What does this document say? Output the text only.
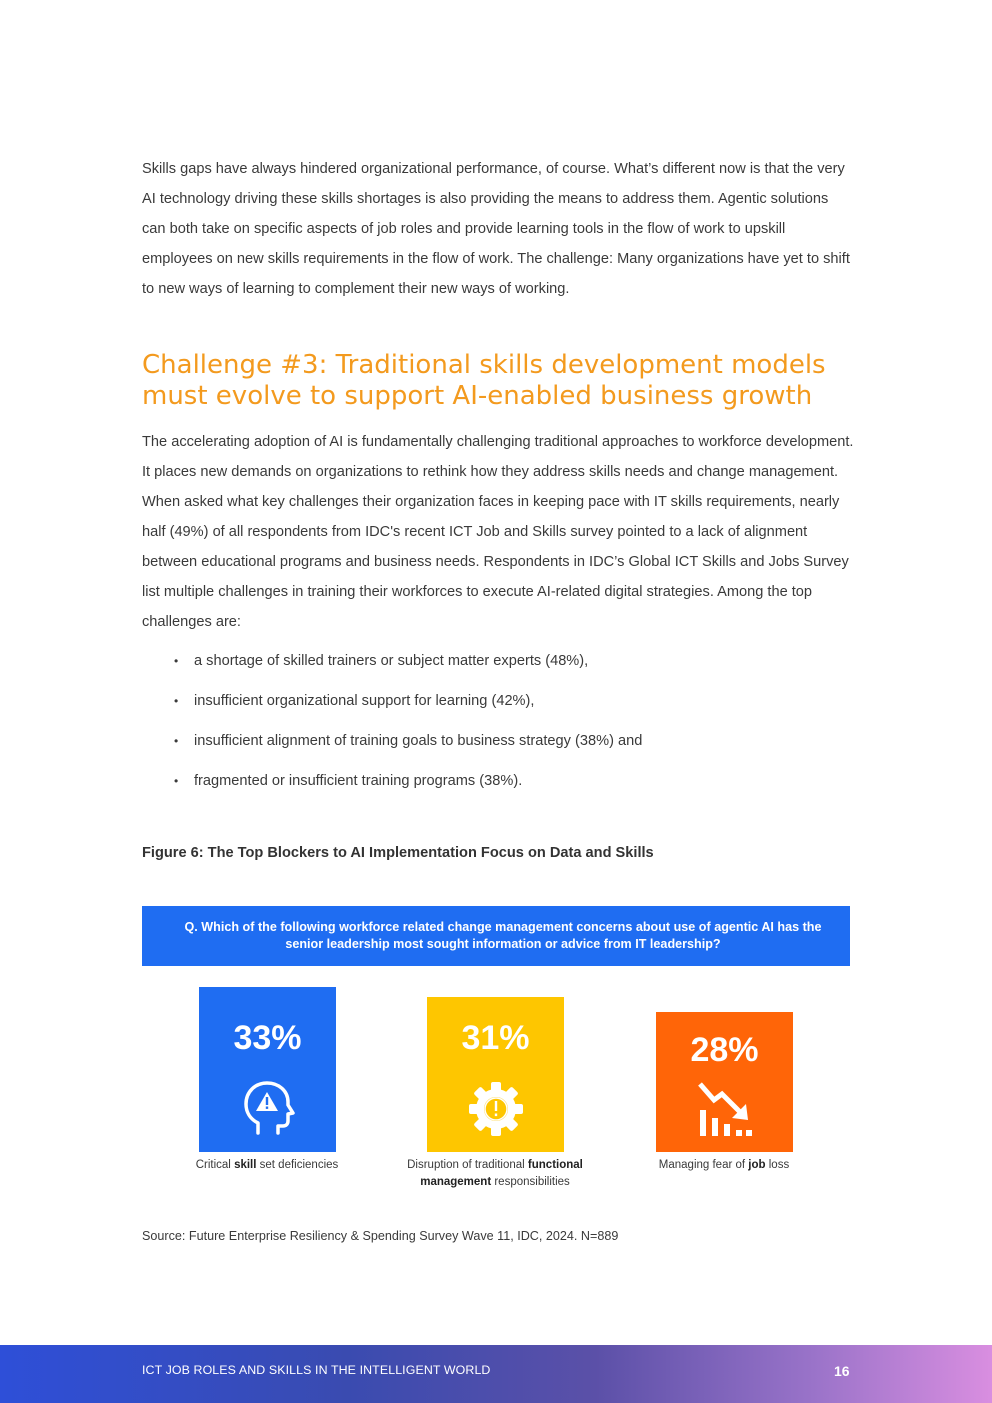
Skills gaps have always hindered organizational performance, of course. What’s different now is that the very AI technology driving these skills shortages is also providing the means to address them. Agentic solutions can both take on specific aspects of job roles and provide learning tools in the flow of work to upskill employees on new skills requirements in the flow of work. The challenge: Many organizations have yet to shift to new ways of learning to complement their new ways of working.

Challenge #3: Traditional skills development models must evolve to support AI-enabled business growth

The accelerating adoption of AI is fundamentally challenging traditional approaches to workforce development. It places new demands on organizations to rethink how they address skills needs and change management. When asked what key challenges their organization faces in keeping pace with IT skills requirements, nearly half (49%) of all respondents from IDC's recent ICT Job and Skills survey pointed to a lack of alignment between educational programs and business needs. Respondents in IDC’s Global ICT Skills and Jobs Survey list multiple challenges in training their workforces to execute AI-related digital strategies. Among the top challenges are:

• a shortage of skilled trainers or subject matter experts (48%),
• insufficient organizational support for learning (42%),
• insufficient alignment of training goals to business strategy (38%) and
• fragmented or insufficient training programs (38%).

Figure 6: The Top Blockers to AI Implementation Focus on Data and Skills

Q. Which of the following workforce related change management concerns about use of agentic AI has the senior leadership most sought information or advice from IT leadership?
33%
Critical skill set deficiencies
31%
Disruption of traditional functional management responsibilities
28%
Managing fear of job loss

Source: Future Enterprise Resiliency & Spending Survey Wave 11, IDC, 2024. N=889

ICT JOB ROLES AND SKILLS IN THE INTELLIGENT WORLD	16
